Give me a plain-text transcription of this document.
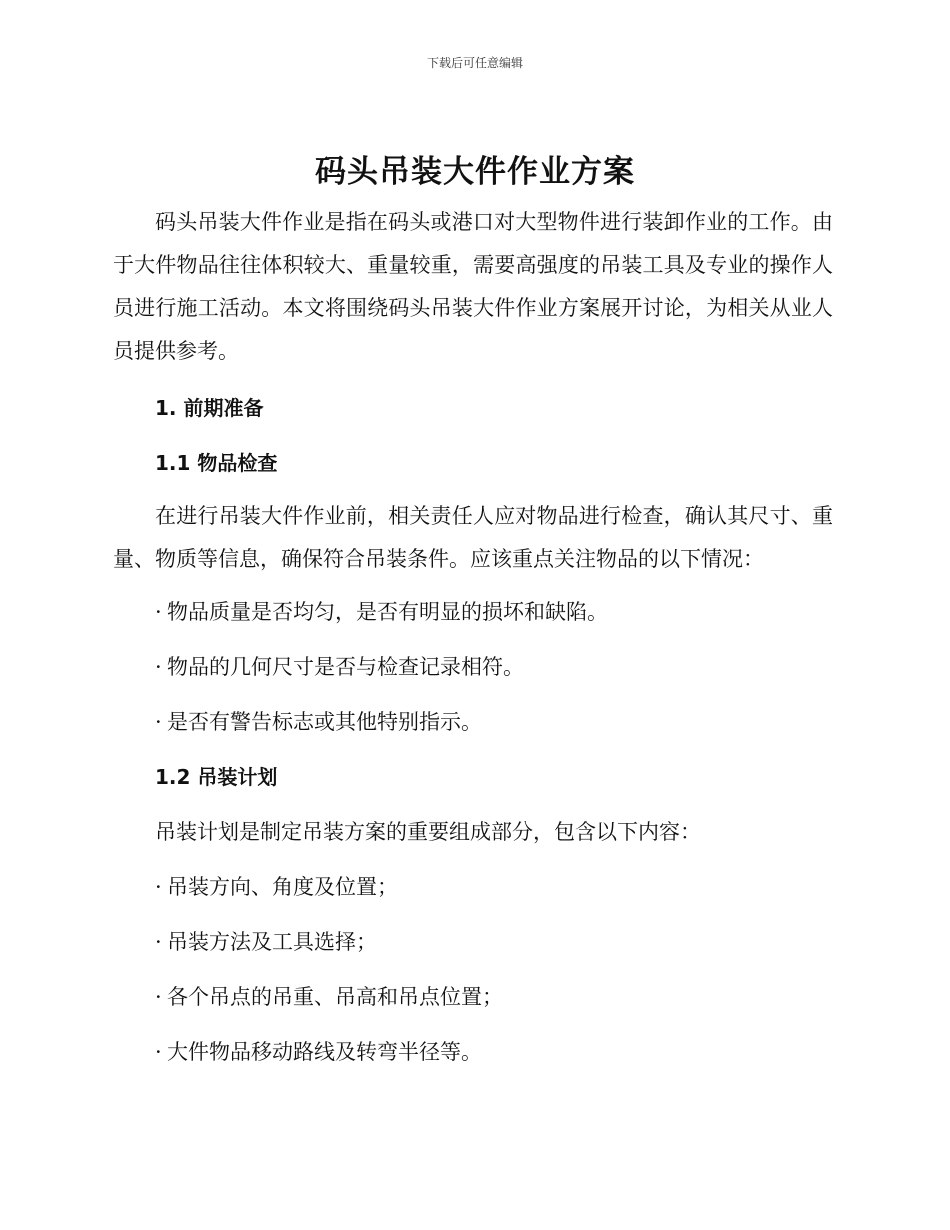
下载后可任意编辑
码头吊装大件作业方案

码头吊装大件作业是指在码头或港口对大型物件进行装卸作业的工作。由于大件物品往往体积较大、重量较重，需要高强度的吊装工具及专业的操作人员进行施工活动。本文将围绕码头吊装大件作业方案展开讨论，为相关从业人员提供参考。

1. 前期准备

1.1 物品检查

在进行吊装大件作业前，相关责任人应对物品进行检查，确认其尺寸、重量、物质等信息，确保符合吊装条件。应该重点关注物品的以下情况：

· 物品质量是否均匀，是否有明显的损坏和缺陷。

· 物品的几何尺寸是否与检查记录相符。

· 是否有警告标志或其他特别指示。

1.2 吊装计划

吊装计划是制定吊装方案的重要组成部分，包含以下内容：

· 吊装方向、角度及位置；

· 吊装方法及工具选择；

· 各个吊点的吊重、吊高和吊点位置；

· 大件物品移动路线及转弯半径等。
